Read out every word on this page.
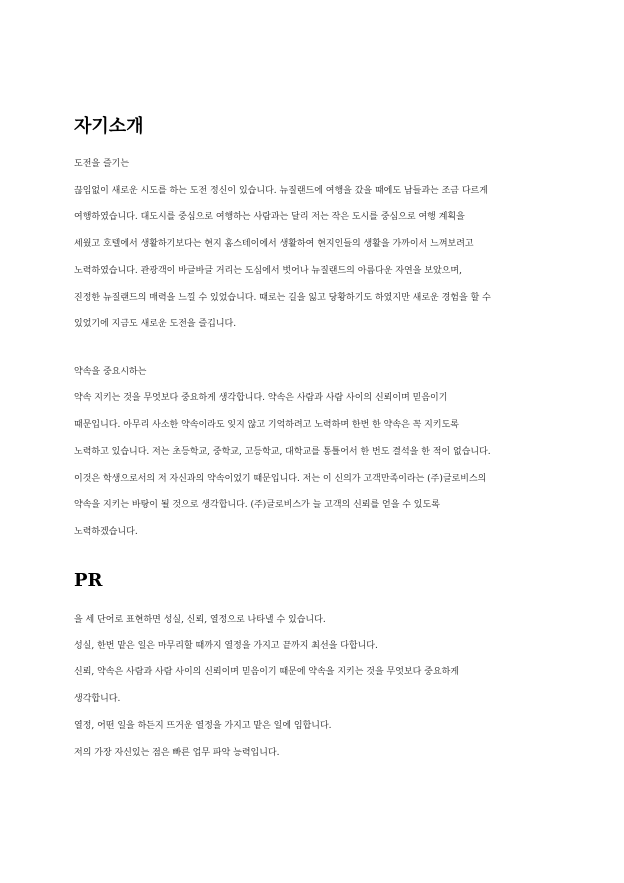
자기소개

도전을 즐기는

끊임없이 새로운 시도를 하는 도전 정신이 있습니다. 뉴질랜드에 여행을 갔을 때에도 남들과는 조금 다르게

여행하였습니다. 대도시를 중심으로 여행하는 사람과는 달리 저는 작은 도시를 중심으로 여행 계획을

세웠고 호텔에서 생활하기보다는 현지 홈스테이에서 생활하여 현지인들의 생활을 가까이서 느껴보려고

노력하였습니다. 관광객이 바글바글 거리는 도심에서 벗어나 뉴질랜드의 아름다운 자연을 보았으며,

진정한 뉴질랜드의 매력을 느낄 수 있었습니다. 때로는 길을 잃고 당황하기도 하였지만 새로운 경험을 할 수

있었기에 지금도 새로운 도전을 즐깁니다.

약속을 중요시하는

약속 지키는 것을 무엇보다 중요하게 생각합니다. 약속은 사람과 사람 사이의 신뢰이며 믿음이기

때문입니다. 아무리 사소한 약속이라도 잊지 않고 기억하려고 노력하며 한번 한 약속은 꼭 지키도록

노력하고 있습니다. 저는 초등학교, 중학교, 고등학교, 대학교를 통틀어서 한 번도 결석을 한 적이 없습니다.

이것은 학생으로서의 저 자신과의 약속이었기 때문입니다. 저는 이 신의가 고객만족이라는 (주)글로비스의

약속을 지키는 바탕이 될 것으로 생각합니다. (주)글로비스가 늘 고객의 신뢰를 얻을 수 있도록

노력하겠습니다.

PR

을 세 단어로 표현하면 성실, 신뢰, 열정으로 나타낼 수 있습니다.

성실, 한번 맡은 일은 마무리할 때까지 열정을 가지고 끝까지 최선을 다합니다.

신뢰, 약속은 사람과 사람 사이의 신뢰이며 믿음이기 때문에 약속을 지키는 것을 무엇보다 중요하게

생각합니다.

열정, 어떤 일을 하든지 뜨거운 열정을 가지고 맡은 일에 임합니다.

저의 가장 자신있는 점은 빠른 업무 파악 능력입니다.
